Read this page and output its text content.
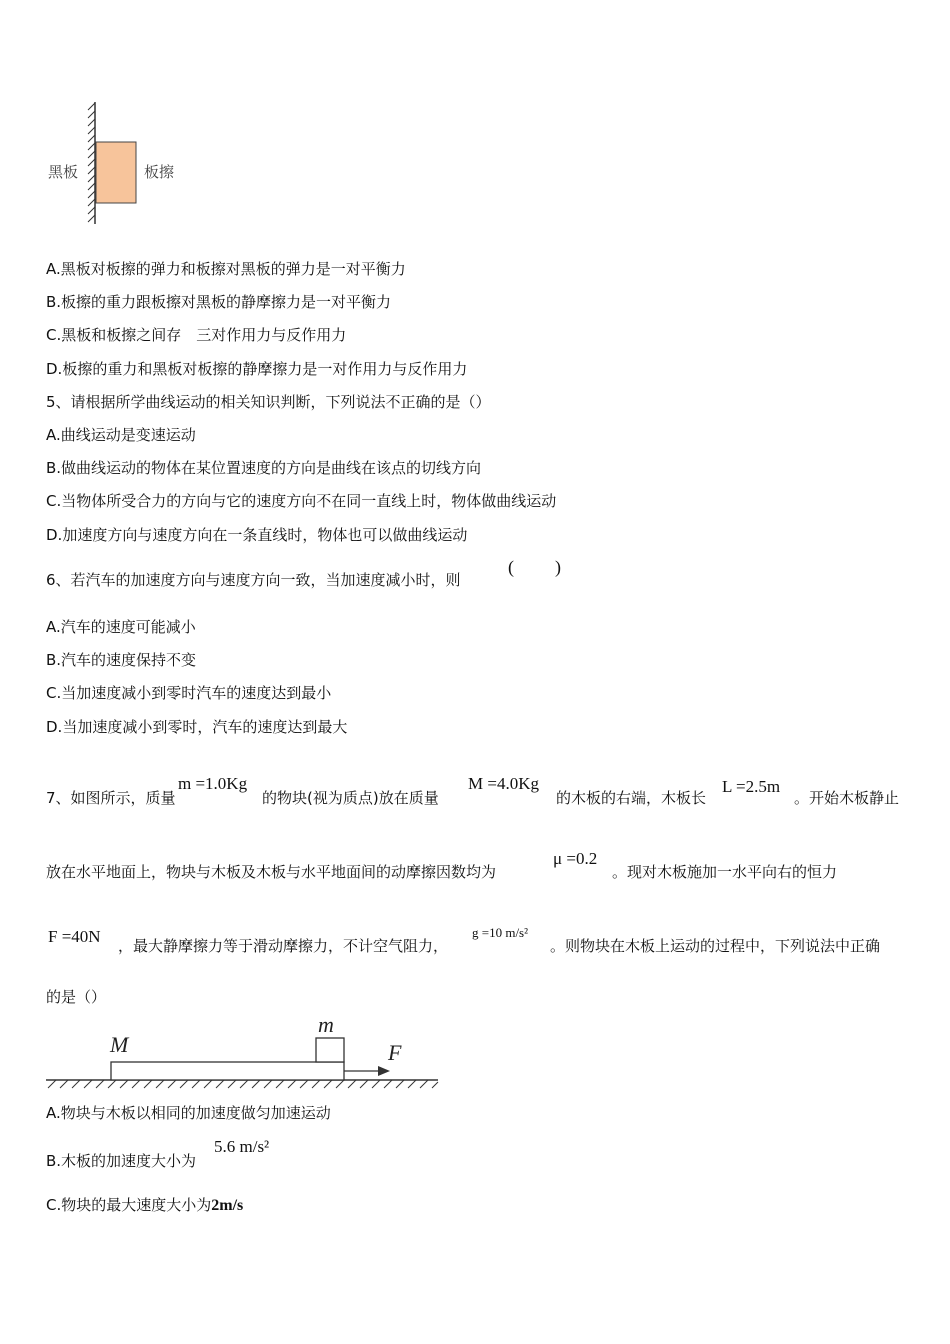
黑板	板擦
A.黑板对板擦的弹力和板擦对黑板的弹力是一对平衡力
B.板擦的重力跟板擦对黑板的静摩擦力是一对平衡力
C.黑板和板擦之间存　三对作用力与反作用力
D.板擦的重力和黑板对板擦的静摩擦力是一对作用力与反作用力
5、请根据所学曲线运动的相关知识判断，下列说法不正确的是（）
A.曲线运动是变速运动
B.做曲线运动的物体在某位置速度的方向是曲线在该点的切线方向
C.当物体所受合力的方向与它的速度方向不在同一直线上时，物体做曲线运动
D.加速度方向与速度方向在一条直线时，物体也可以做曲线运动
6、若汽车的加速度方向与速度方向一致，当加速度减小时，则
( )
A.汽车的速度可能减小
B.汽车的速度保持不变
C.当加速度减小到零时汽车的速度达到最小
D.当加速度减小到零时，汽车的速度达到最大
7、如图所示，质量
m =1.0Kg
的物块(视为质点)放在质量
M =4.0Kg
的木板的右端，木板长
L =2.5m
。开始木板静止
放在水平地面上，物块与木板及木板与水平地面间的动摩擦因数均为
μ =0.2
。现对木板施加一水平向右的恒力
F =40N ，最大静摩擦力等于滑动摩擦力，不计空气阻力，
g =10 m/s²
。则物块在木板上运动的过程中，下列说法中正确
的是（）
M
m
F
A.物块与木板以相同的加速度做匀加速运动
B.木板的加速度大小为
5.6 m/s²
C.物块的最大速度大小为2m/s
